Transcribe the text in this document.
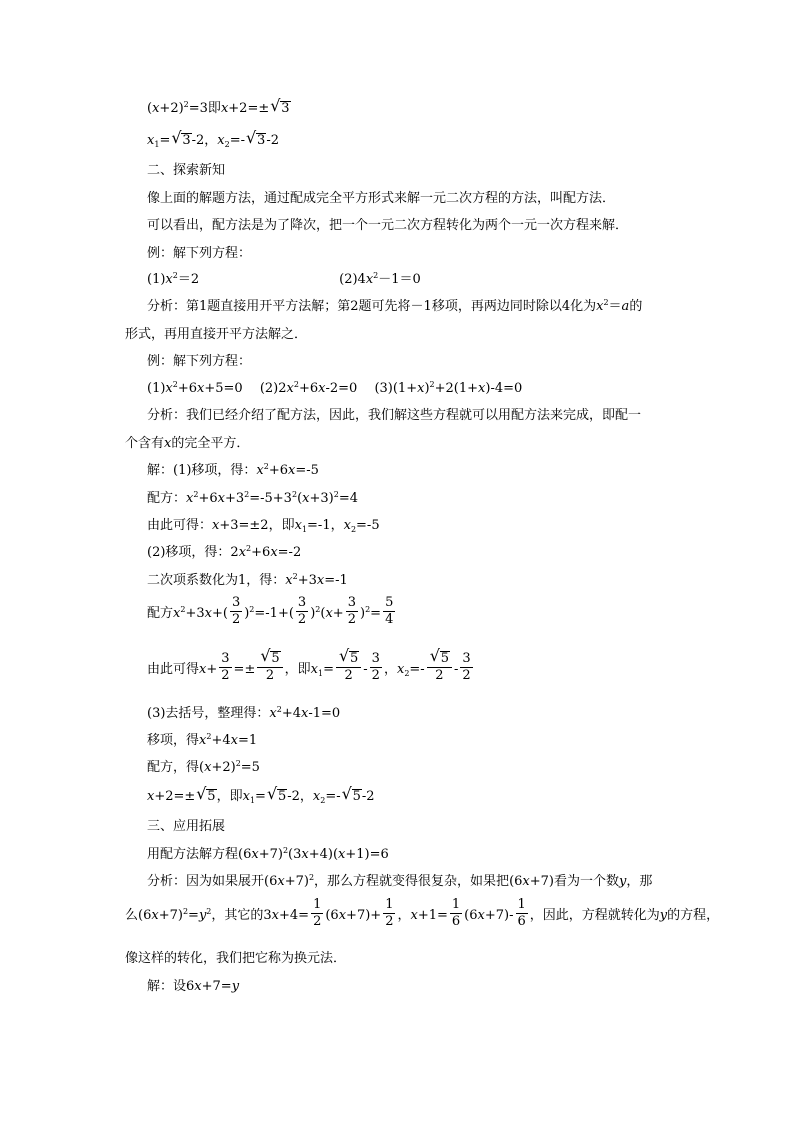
$(x+2)^2=3$即x+2=±√ 3
$x_1=√$ 3-2，$x_2=-√$ 3-2
二、探索新知
像上面的解题方法，通过配成完全平方形式来解一元二次方程的方法，叫配方法．
可以看出，配方法是为了降次，把一个一元二次方程转化为两个一元一次方程来解．
例：解下列方程：
$(1)x^2=2$	$(2)4x^2-1=0$
分析：第1题直接用开平方法解；第2题可先将－1移项，再两边同时除以4化为$x^2=a$的
形式，再用直接开平方法解之．
例：解下列方程：
$(1)x^2+6x+5=0$　 $(2)2x^2+6x-2=0$　 $(3)(1+x)^2+2(1+x)-4=0$
分析：我们已经介绍了配方法，因此，我们解这些方程就可以用配方法来完成，即配一
个含有x的完全平方．
解：(1)移项，得：$x^2+6x=-5$
配方：$x^2+6x+3^2=-5+3^2(x+3)^2=4$
由此可得：x+3=±2，即$x_1=-1$，$x_2=-5$
(2)移项，得：$2x^2+6x=-2$
二次项系数化为1，得：$x^2+3x=-1$
配方$x^2+3x+( \frac{3}{2} )^2=-1+( \frac{3}{2} )^2(x+ \frac{3}{2} )^2= \frac{5}{4}$
由此可得$x+ \frac{3}{2}$ =±
√ $\frac{5}{2}$ ，即$x_1=$
√ $\frac{5}{2} - \frac{3}{2}$ ，$x_2=-$
√ $\frac{5}{2} - \frac{3}{2}$
(3)去括号，整理得：$x^2+4x-1=0$
移项，得$x^2+4x=1$
配方，得$(x+2)^2=5$
x+2=±√ 5，即$x_1=√$ 5-2，$x_2=-√$ 5-2
三、应用拓展
用配方法解方程$(6x+7)^2(3x+4)(x+1)=6$
分析：因为如果展开$(6x+7)^2$，那么方程就变得很复杂，如果把(6x+7)看为一个数y，那
么$(6x+7)^2=y^2$，其它的$3x+4= \frac{1}{2} (6x+7)+ \frac{1}{2}$ ，$x+1= \frac{1}{6} (6x+7)- \frac{1}{6}$ ，因此，方程就转化为y的方程，
像这样的转化，我们把它称为换元法．
解：设6x+7=y
